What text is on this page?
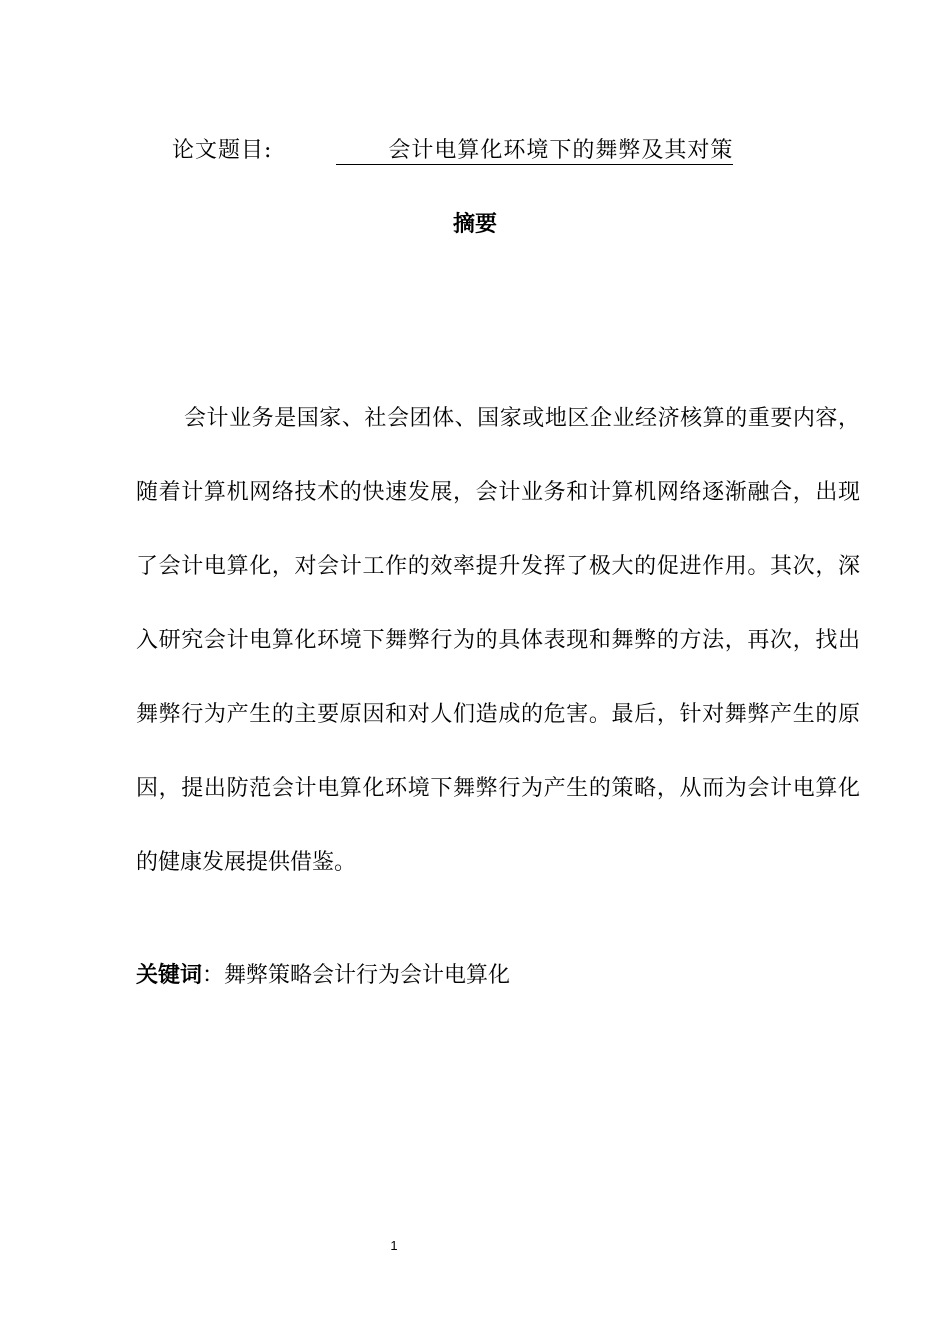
论文题目:	会计电算化环境下的舞弊及其对策
摘要

会计业务是国家、社会团体、国家或地区企业经济核算的重要内容，随着计算机网络技术的快速发展，会计业务和计算机网络逐渐融合，出现了会计电算化，对会计工作的效率提升发挥了极大的促进作用。其次，深入研究会计电算化环境下舞弊行为的具体表现和舞弊的方法，再次，找出舞弊行为产生的主要原因和对人们造成的危害。最后，针对舞弊产生的原因，提出防范会计电算化环境下舞弊行为产生的策略，从而为会计电算化的健康发展提供借鉴。

关键词：舞弊策略会计行为会计电算化
1
